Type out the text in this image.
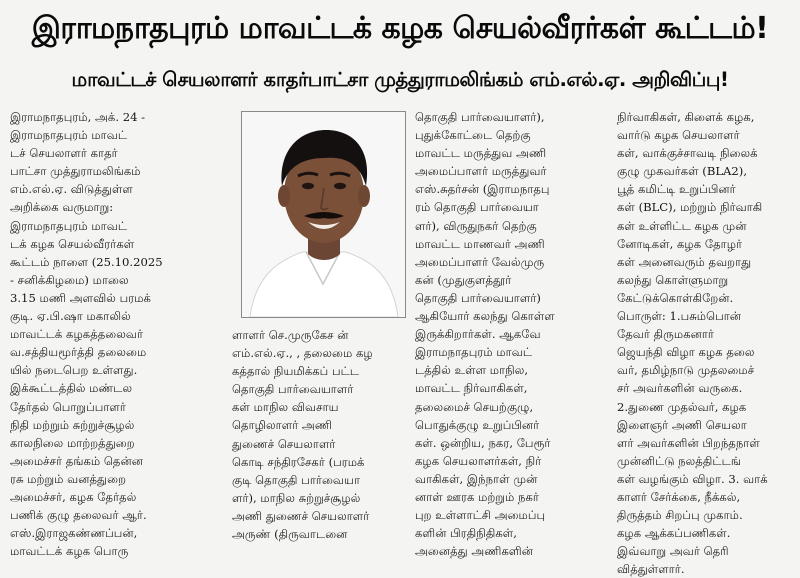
இராமநாதபுரம் மாவட்டக் கழக செயல்வீரர்கள் கூட்டம்!
மாவட்டச் செயலாளர் காதர்பாட்சா முத்துராமலிங்கம் எம்.எல்.ஏ. அறிவிப்பு!
இராமநாதபுரம், அக். 24 -
இராமநாதபுரம் மாவட்
டச் செயலாளர் காதர்
பாட்சா முத்துராமலிங்கம்
எம்.எல்.ஏ. விடுத்துள்ள
அறிக்கை வருமாறு:
இராமநாதபுரம் மாவட்
டக் கழக செயல்வீரர்கள்
கூட்டம் நாளை (25.10.2025
- சனிக்கிழமை) மாலை
3.15 மணி அளவில் பரமக்
குடி. ஏ.பி.ஷா மகாலில்
மாவட்டக் கழகத்தலைவர்
வ.சத்தியமூர்த்தி தலைமை
யில் நடைபெற உள்ளது.
இக்கூட்டத்தில் மண்டல
தேர்தல் பொறுப்பாளர்
நிதி மற்றும் சுற்றுச்சூழல்
காலநிலை மாற்றத்துறை
அமைச்சர் தங்கம் தென்ன
ரசு மற்றும் வனத்துறை
அமைச்சர், கழக தேர்தல்
பணிக் குழு தலைவர் ஆர்.
எஸ்.இராஜகண்ணப்பன்,
மாவட்டக் கழக பொரு
ளாளர் செ.முருகேச ன்
எம்.எல்.ஏ., , தலைமை கழ
கத்தால் நியமிக்கப் பட்ட
தொகுதி பார்வையாளர்
கள் மாநில விவசாய
தொழிலாளர் அணி
துணைச் செயலாளர்
கொடி சந்திரசேகர் (பரமக்
குடி தொகுதி பார்வையா
ளர்), மாநில சுற்றுச்சூழல்
அணி துணைச் செயலாளர்
அருண் (திருவாடனை
தொகுதி பார்வையாளர்),
புதுக்கோட்டை தெற்கு
மாவட்ட மருத்துவ அணி
அமைப்பாளர் மருத்துவர்
எஸ்.சுதர்சன் (இராமநாதபு
ரம் தொகுதி பார்வையா
ளர்), விருதுநகர் தெற்கு
மாவட்ட மாணவர் அணி
அமைப்பாளர் வேல்முரு
கன் (முதுகுளத்தூர்
தொகுதி பார்வையாளர்)
ஆகியோர் கலந்து கொள்ள
இருக்கிறார்கள். ஆகவே
இராமநாதபுரம் மாவட்
டத்தில் உள்ள மாநில,
மாவட்ட நிர்வாகிகள்,
தலைமைச் செயற்குழு,
பொதுக்குழு உறுப்பினர்
கள். ஒன்றிய, நகர, பேரூர்
கழக செயலாளர்கள், நிர்
வாகிகள், இந்நாள் முன்
னாள் ஊரக மற்றும் நகர்
புற உள்ளாட்சி அமைப்பு
களின் பிரதிநிதிகள்,
அனைத்து அணிகளின்
நிர்வாகிகள், கிளைக் கழக,
வார்டு கழக செயலாளர்
கள், வாக்குச்சாவடி நிலைக்
குழு முகவர்கள் (BLA2),
பூத் கமிட்டி உறுப்பினர்
கள் (BLC), மற்றும் நிர்வாகி
கள் உள்ளிட்ட கழக முன்
னோடிகள், கழக தோழர்
கள் அனைவரும் தவறாது
கலந்து கொள்ளுமாறு
கேட்டுக்கொள்கிறேன்.
பொருள்: 1.பசும்பொன்
தேவர் திருமகனார்
ஜெயந்தி விழா கழக தலை
வர், தமிழ்நாடு முதலமைச்
சர் அவர்களின் வருகை.
2.துணை முதல்வர், கழக
இளைஞர் அணி செயலா
ளர் அவர்களின் பிறந்தநாள்
முன்னிட்டு நலத்திட்டங்
கள் வழங்கும் விழா. 3. வாக்
காளர் சேர்க்கை, நீக்கல்,
திருத்தம் சிறப்பு முகாம்.
கழக ஆக்கப்பணிகள்.
இவ்வாறு அவர் தெரி
வித்துள்ளார்.
